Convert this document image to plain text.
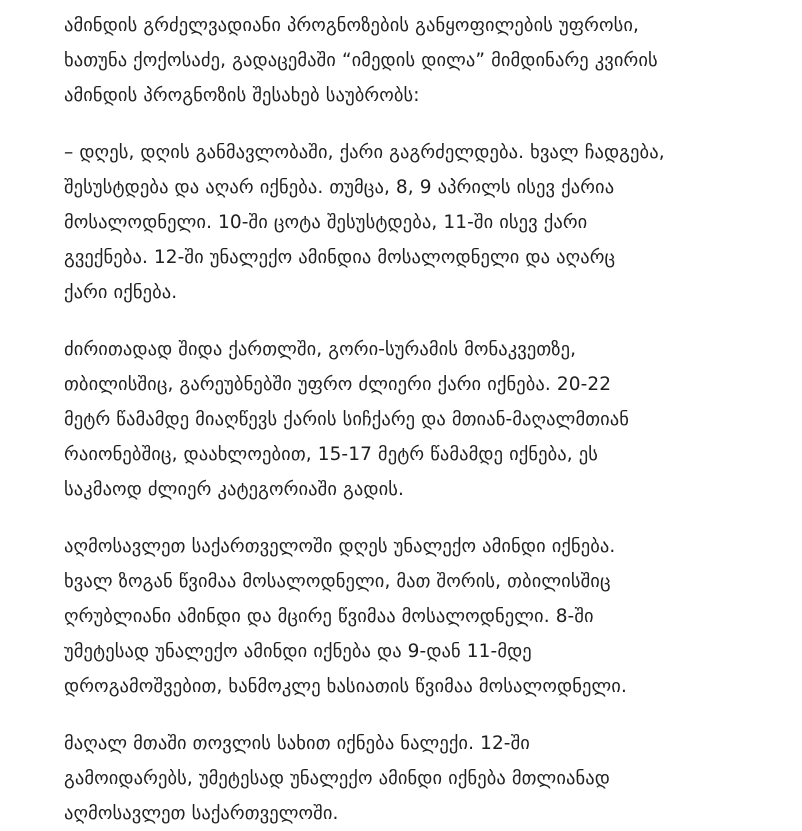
ამინდის გრძელვადიანი პროგნოზების განყოფილების უფროსი,
ხათუნა ქოქოსაძე, გადაცემაში “იმედის დილა” მიმდინარე კვირის
ამინდის პროგნოზის შესახებ საუბრობს:

– დღეს, დღის განმავლობაში, ქარი გაგრძელდება. ხვალ ჩადგება,
შესუსტდება და აღარ იქნება. თუმცა, 8, 9 აპრილს ისევ ქარია
მოსალოდნელი. 10-ში ცოტა შესუსტდება, 11-ში ისევ ქარი
გვექნება. 12-ში უნალექო ამინდია მოსალოდნელი და აღარც
ქარი იქნება.

ძირითადად შიდა ქართლში, გორი-სურამის მონაკვეთზე,
თბილისშიც, გარეუბნებში უფრო ძლიერი ქარი იქნება. 20-22
მეტრ წამამდე მიაღწევს ქარის სიჩქარე და მთიან-მაღალმთიან
რაიონებშიც, დაახლოებით, 15-17 მეტრ წამამდე იქნება, ეს
საკმაოდ ძლიერ კატეგორიაში გადის.

აღმოსავლეთ საქართველოში დღეს უნალექო ამინდი იქნება.
ხვალ ზოგან წვიმაა მოსალოდნელი, მათ შორის, თბილისშიც
ღრუბლიანი ამინდი და მცირე წვიმაა მოსალოდნელი. 8-ში
უმეტესად უნალექო ამინდი იქნება და 9-დან 11-მდე
დროგამოშვებით, ხანმოკლე ხასიათის წვიმაა მოსალოდნელი.

მაღალ მთაში თოვლის სახით იქნება ნალექი. 12-ში
გამოიდარებს, უმეტესად უნალექო ამინდი იქნება მთლიანად
აღმოსავლეთ საქართველოში.
